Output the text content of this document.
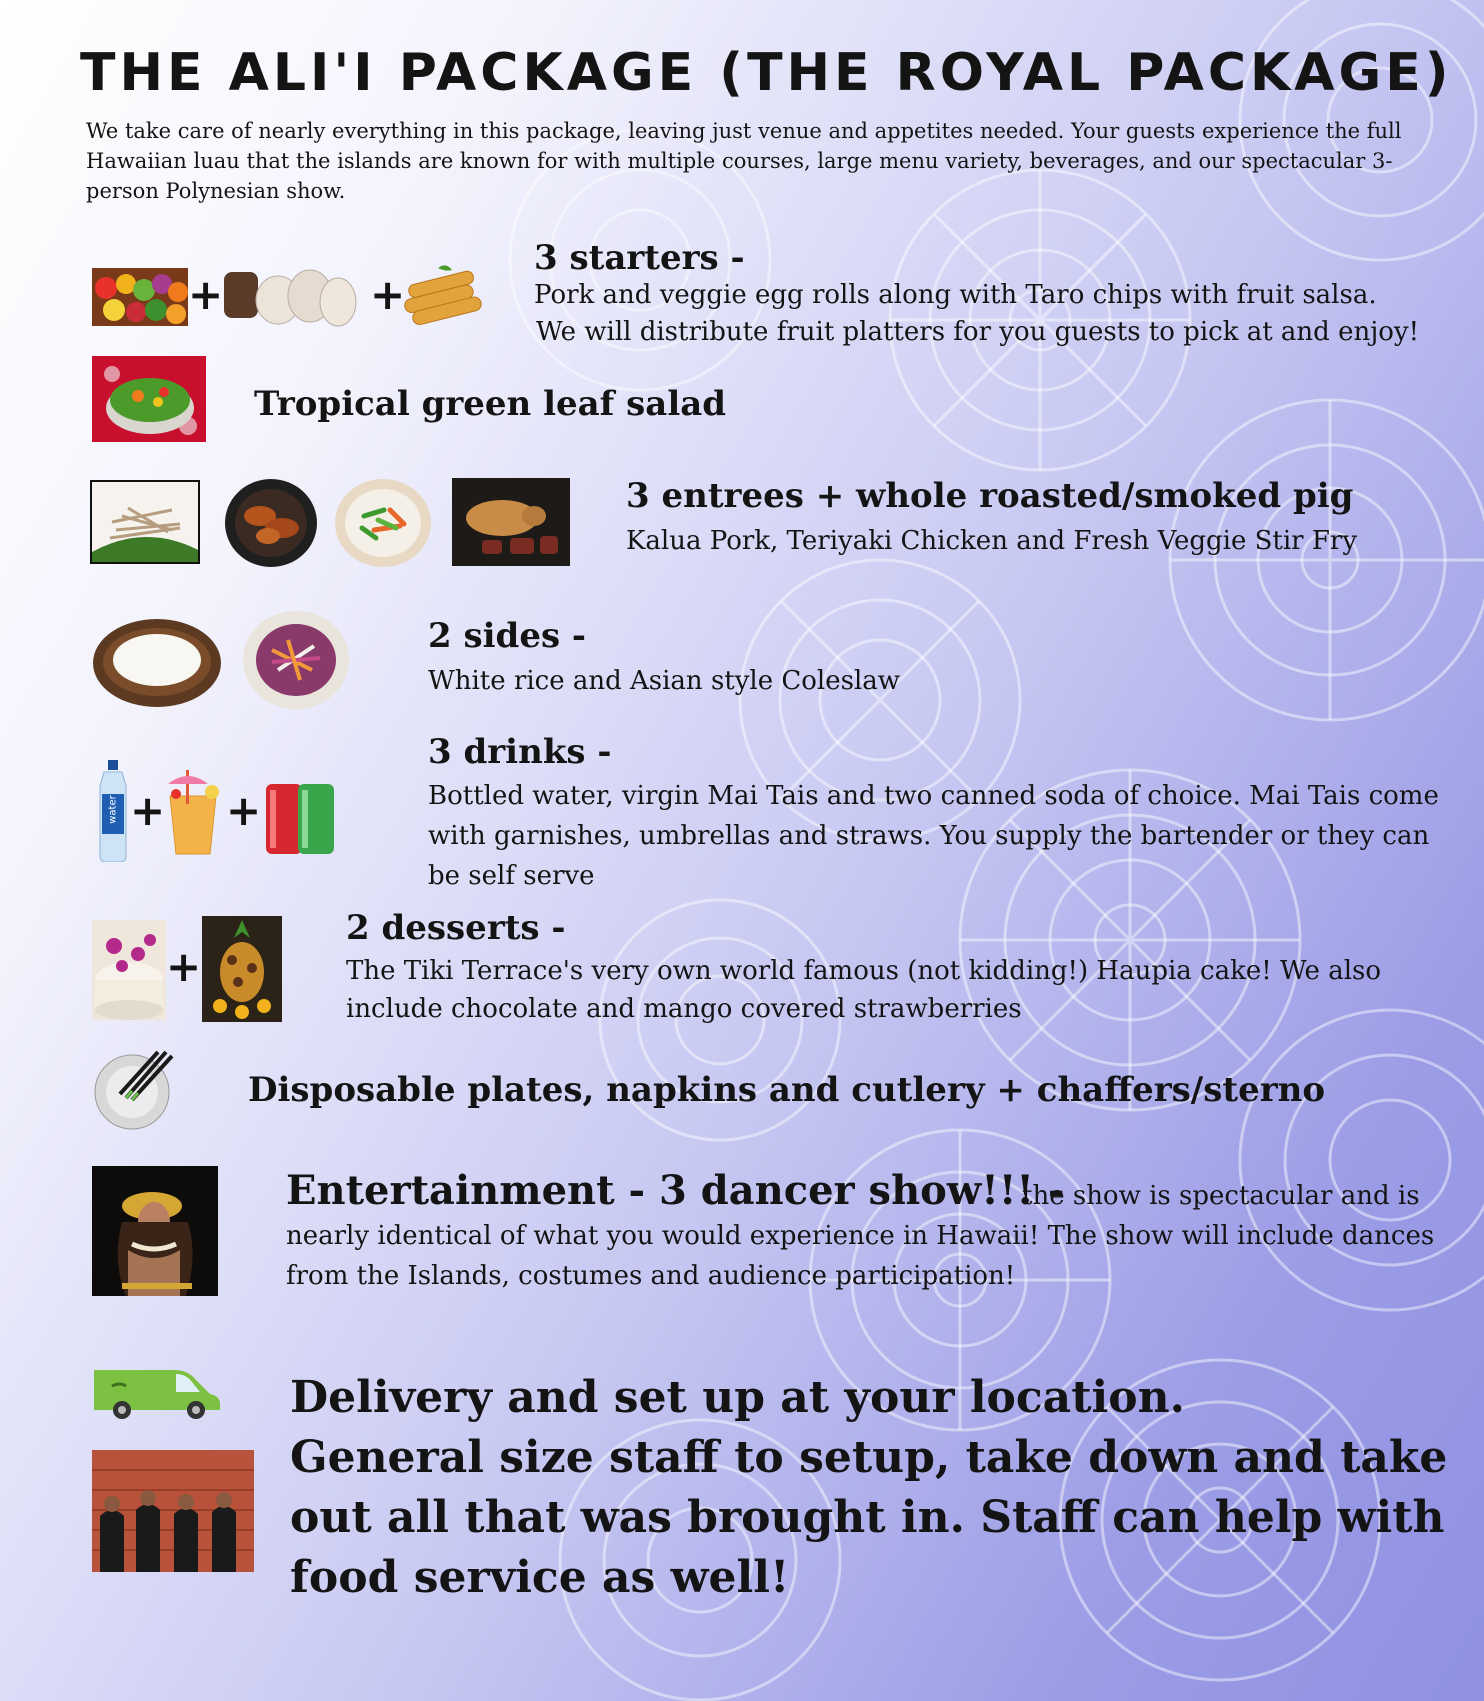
THE ALI'I PACKAGE (THE ROYAL PACKAGE)
We take care of nearly everything in this package, leaving just venue and appetites needed. Your guests experience the full Hawaiian luau that the islands are known for with multiple courses, large menu variety, beverages, and our spectacular 3-person Polynesian show.
+	+
3 starters -
Pork and veggie egg rolls along with Taro chips with fruit salsa.
We will distribute fruit platters for you guests to pick at and enjoy!
Tropical green leaf salad
3 entrees + whole roasted/smoked pig
Kalua Pork, Teriyaki Chicken and Fresh Veggie Stir Fry
2 sides -
White rice and Asian style Coleslaw
water + +
3 drinks -
Bottled water, virgin Mai Tais and two canned soda of choice. Mai Tais come with garnishes, umbrellas and straws. You supply the bartender or they can be self serve
+
2 desserts -
The Tiki Terrace's very own world famous (not kidding!) Haupia cake! We also include chocolate and mango covered strawberries
Disposable plates, napkins and cutlery + chaffers/sterno
Entertainment - 3 dancer show!!! -
the show is spectacular and is nearly identical of what you would experience in Hawaii! The show will include dances from the Islands, costumes and audience participation!
Delivery and set up at your location.
General size staff to setup, take down and take out all that was brought in. Staff can help with food service as well!
